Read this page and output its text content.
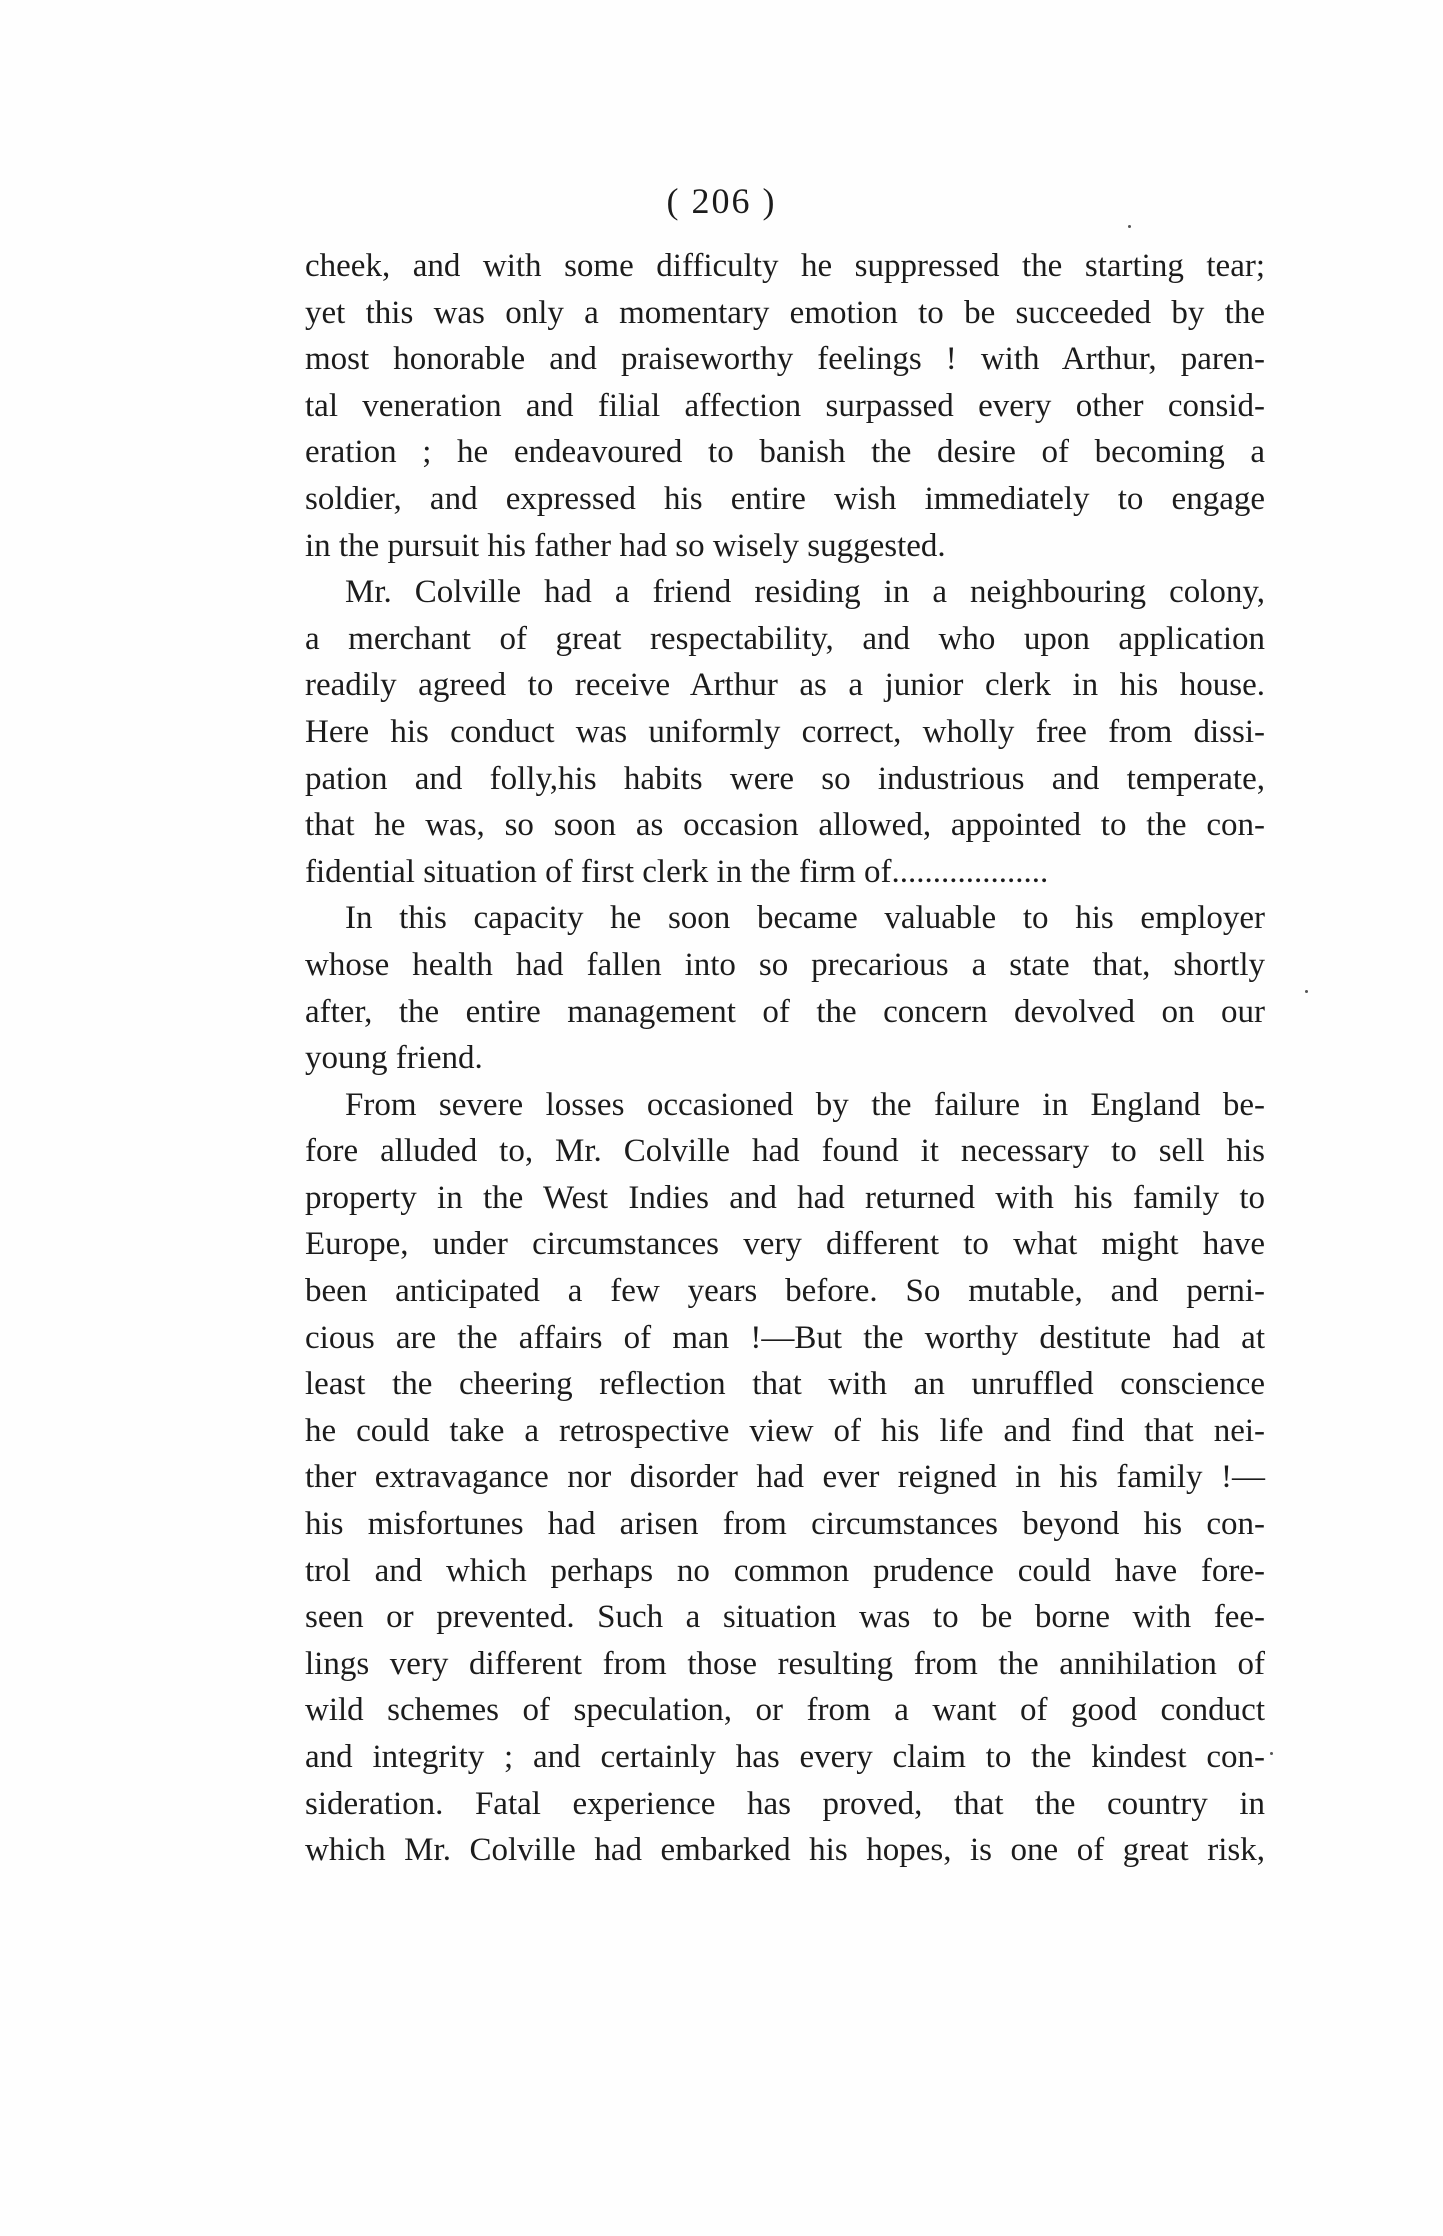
( 206 )
cheek, and with some difficulty he suppressed the starting tear;
yet this was only a momentary emotion to be succeeded by the
most honorable and praiseworthy feelings ! with Arthur, paren-
tal veneration and filial affection surpassed every other consid-
eration ; he endeavoured to banish the desire of becoming a
soldier, and expressed his entire wish immediately to engage
in the pursuit his father had so wisely suggested.
Mr. Colville had a friend residing in a neighbouring colony,
a merchant of great respectability, and who upon application
readily agreed to receive Arthur as a junior clerk in his house.
Here his conduct was uniformly correct, wholly free from dissi-
pation and folly,his habits were so industrious and temperate,
that he was, so soon as occasion allowed, appointed to the con-
fidential situation of first clerk in the firm of...................
In this capacity he soon became valuable to his employer
whose health had fallen into so precarious a state that, shortly
after, the entire management of the concern devolved on our
young friend.
From severe losses occasioned by the failure in England be-
fore alluded to, Mr. Colville had found it necessary to sell his
property in the West Indies and had returned with his family to
Europe, under circumstances very different to what might have
been anticipated a few years before. So mutable, and perni-
cious are the affairs of man !—But the worthy destitute had at
least the cheering reflection that with an unruffled conscience
he could take a retrospective view of his life and find that nei-
ther extravagance nor disorder had ever reigned in his family !—
his misfortunes had arisen from circumstances beyond his con-
trol and which perhaps no common prudence could have fore-
seen or prevented. Such a situation was to be borne with fee-
lings very different from those resulting from the annihilation of
wild schemes of speculation, or from a want of good conduct
and integrity ; and certainly has every claim to the kindest con-
sideration. Fatal experience has proved, that the country in
which Mr. Colville had embarked his hopes, is one of great risk,
